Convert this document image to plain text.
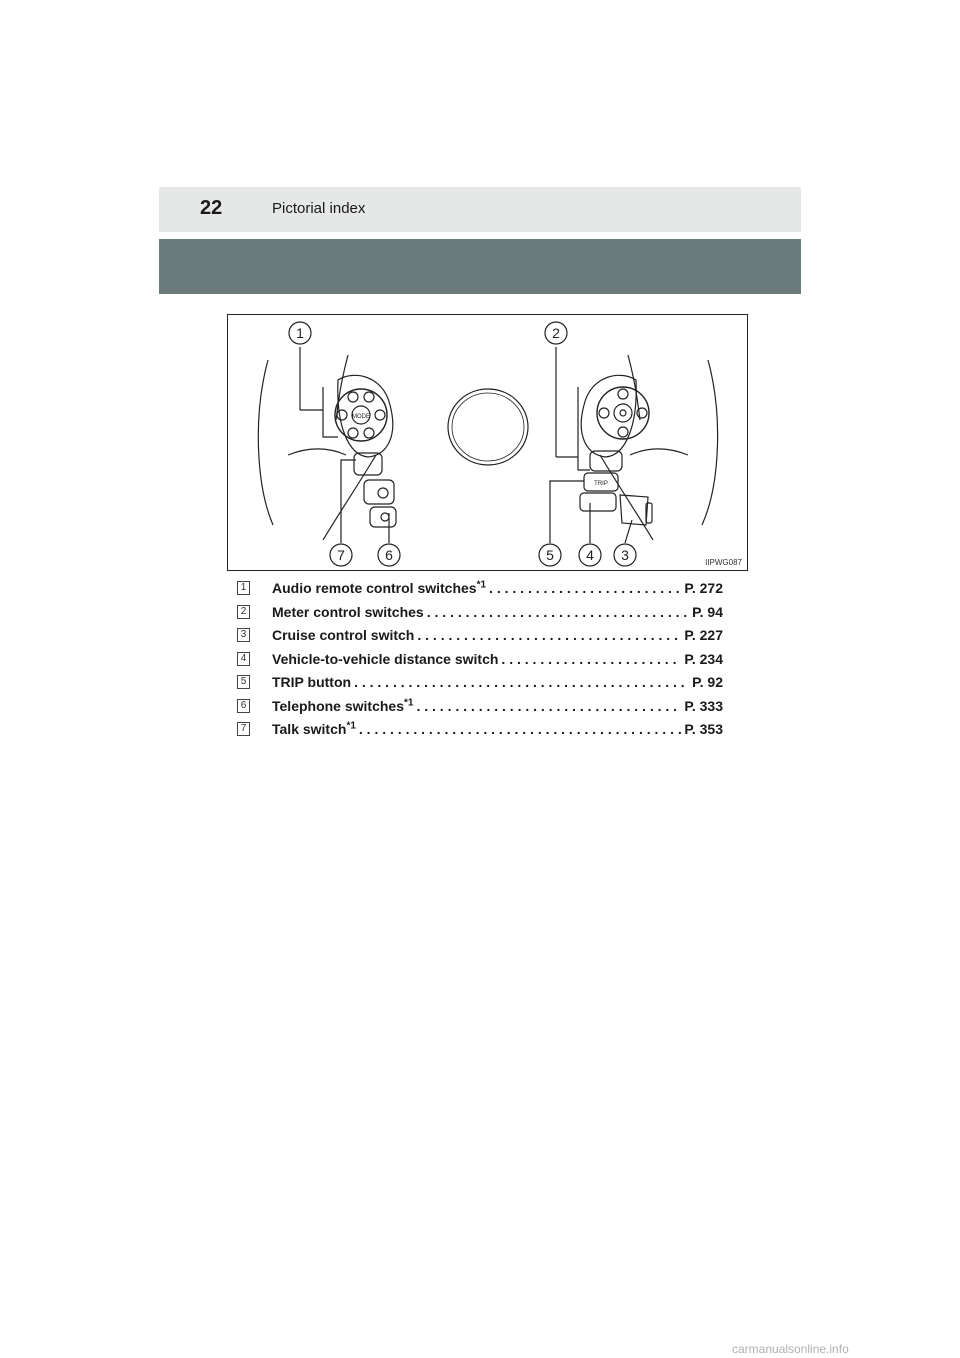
22	Pictorial index
MODE
TRIP
1	2
3
4
5
6
7	IIPWG087
1 Audio remote control switches$^{*1}$ . . .	P. 272
2 Meter control switches . . .	P. 94
3 Cruise control switch . . .	P. 227
4 Vehicle-to-vehicle distance switch . . .	P. 234
5 TRIP button . . .	P. 92
6 Telephone switches$^{*1}$ . . .	P. 333
7 Talk switch$^{*1}$ . . .	P. 353
carmanualsonline.info
